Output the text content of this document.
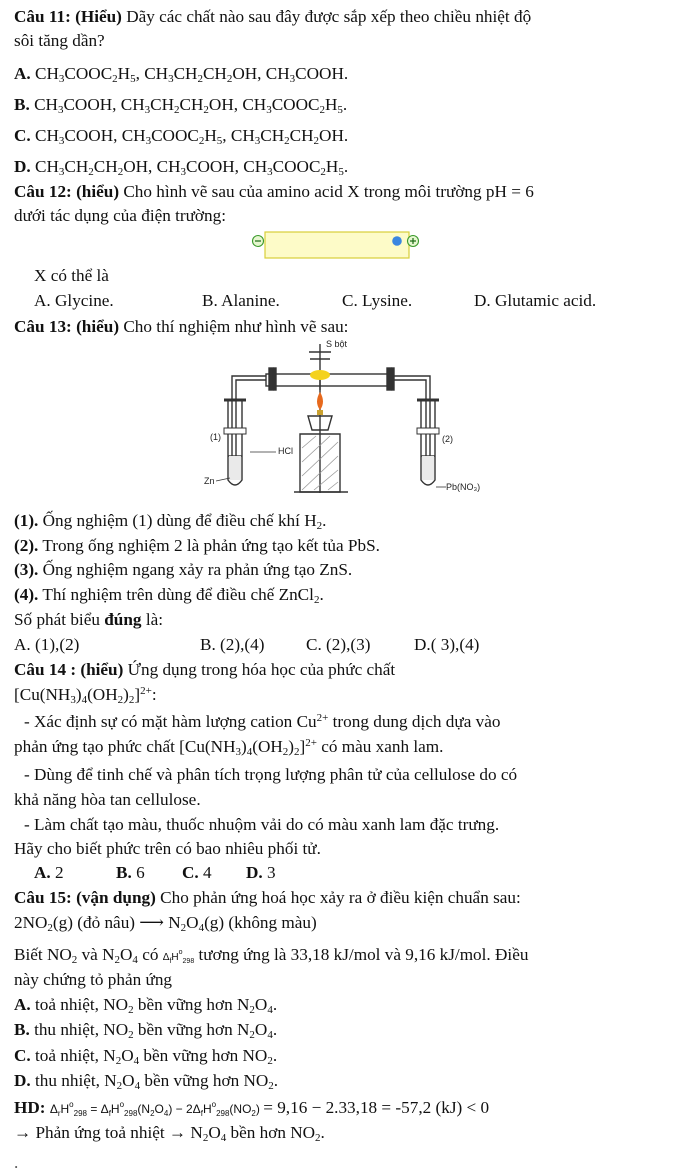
Câu 11: (Hiểu) Dãy các chất nào sau đây được sắp xếp theo chiều nhiệt độ
sôi tăng dần?
A. $CH_3COOC_2H_5$, $CH_3CH_2CH_2OH$, $CH_3COOH$.
B. $CH_3COOH$, $CH_3CH_2CH_2OH$, $CH_3COOC_2H_5$.
C. $CH_3COOH$, $CH_3COOC_2H_5$, $CH_3CH_2CH_2OH$.
D. $CH_3CH_2CH_2OH$, $CH_3COOH$, $CH_3COOC_2H_5$.
Câu 12: (hiểu) Cho hình vẽ sau của amino acid X trong môi trường pH = 6
dưới tác dụng của điện trường:
X có thể là
A. Glycine.	B. Alanine.	C. Lysine.	D. Glutamic acid.
Câu 13: (hiểu) Cho thí nghiệm như hình vẽ sau:
S bột
(1)	(2)
HCl
Zn
Pb(NO₃)₂
(1). Ống nghiệm (1) dùng để điều chế khí $H_2$.
(2). Trong ống nghiệm 2 là phản ứng tạo kết tủa PbS.
(3). Ống nghiệm ngang xảy ra phản ứng tạo ZnS.
(4). Thí nghiệm trên dùng để điều chế ZnCl$_2$.
Số phát biểu đúng là:
A. (1),(2)	B. (2),(4) C. (2),(3)	D.( 3),(4)
Câu 14 : (hiểu) Ứng dụng trong hóa học của phức chất
$[Cu(NH_3)_4(OH_2)_2]^{2+}$:
- Xác định sự có mặt hàm lượng cation $Cu^{2+}$ trong dung dịch dựa vào
phản ứng tạo phức chất $[Cu(NH_3)_4(OH_2)_2]^{2+}$ có màu xanh lam.
- Dùng để tinh chế và phân tích trọng lượng phân tử của cellulose do có
khả năng hòa tan cellulose.
- Làm chất tạo màu, thuốc nhuộm vải do có màu xanh lam đặc trưng.
Hãy cho biết phức trên có bao nhiêu phối tử.
A. 2	B. 6 C. 4 D. 3
Câu 15: (vận dụng) Cho phản ứng hoá học xảy ra ở điều kiện chuẩn sau:
$2NO_2(g)$ (đỏ nâu) ⟶ $N_2O_4(g)$ (không màu)
Biết $NO_2$ và $N_2O_4$ có $\Delta_fH^o_{298}$ tương ứng là 33,18 kJ/mol và 9,16 kJ/mol. Điều
này chứng tỏ phản ứng
A. toả nhiệt, $NO_2$ bền vững hơn $N_2O_4$.
B. thu nhiệt, $NO_2$ bền vững hơn $N_2O_4$.
C. toả nhiệt, $N_2O_4$ bền vững hơn $NO_2$.
D. thu nhiệt, $N_2O_4$ bền vững hơn $NO_2$.
HD: $\Delta_rH^o_{298} = \Delta_fH^o_{298}(N_2O_4) - 2\Delta_fH^o_{298}(NO_2) = 9,16 - 2.33,18 = -57,2$ (kJ) < 0
→ Phản ứng toả nhiệt → $N_2O_4$ bền hơn $NO_2$.
.
